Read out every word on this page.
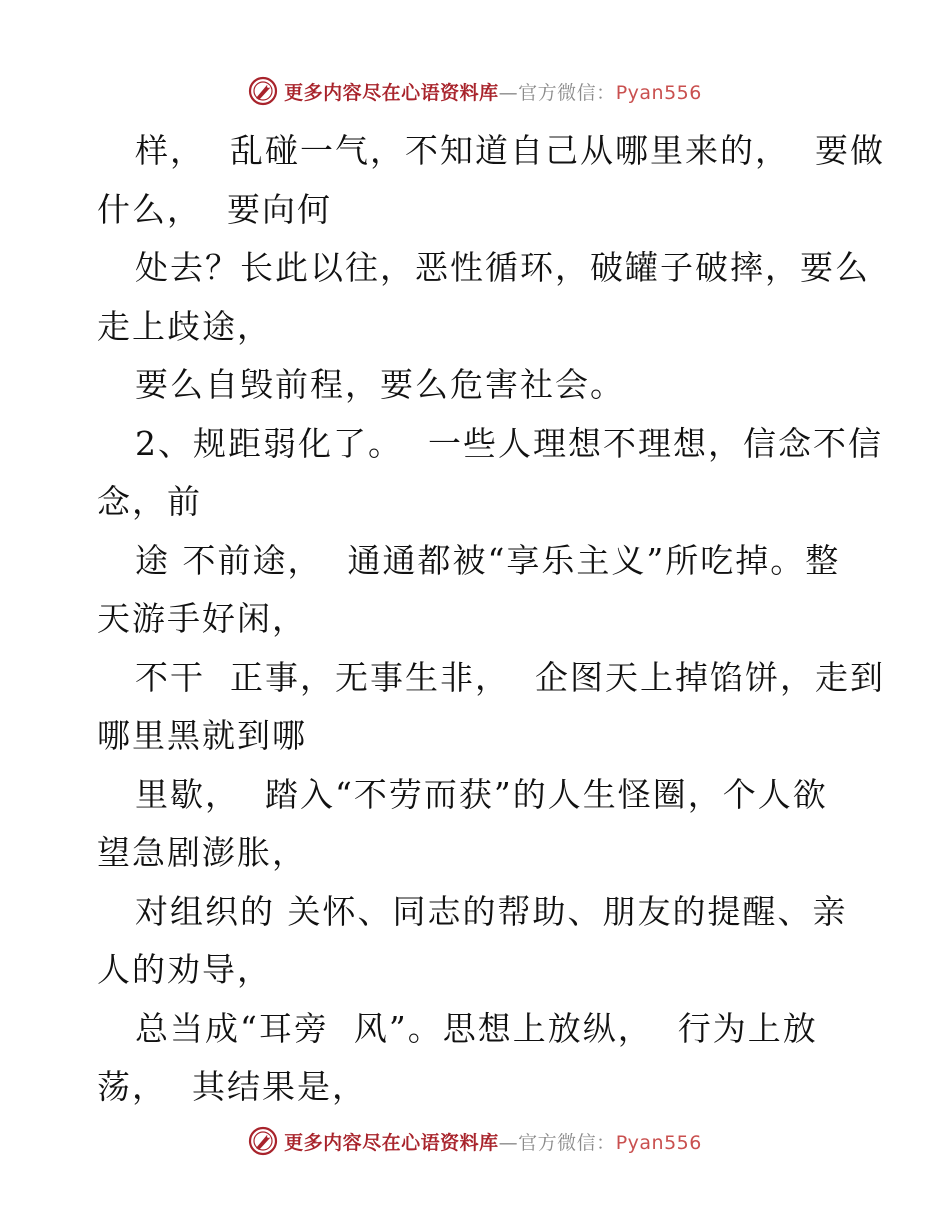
更多内容尽在心语资料库—官方微信：Pyan556
样，  乱碰一气，不知道自己从哪里来的，  要做
什么，  要向何
处去？长此以往，恶性循环，破罐子破摔，要么
走上歧途，
要么自毁前程，要么危害社会。
2、规距弱化了。  一些人理想不理想，信念不信
念，前
途 不前途，  通通都被“享乐主义”所吃掉。整
天游手好闲，
不干  正事，无事生非，  企图天上掉馅饼，走到
哪里黑就到哪
里歇，  踏入“不劳而获”的人生怪圈，个人欲
望急剧澎胀，
对组织的 关怀、同志的帮助、朋友的提醒、亲
人的劝导，
总当成“耳旁  风”。思想上放纵，  行为上放
荡，  其结果是，
更多内容尽在心语资料库—官方微信：Pyan556
